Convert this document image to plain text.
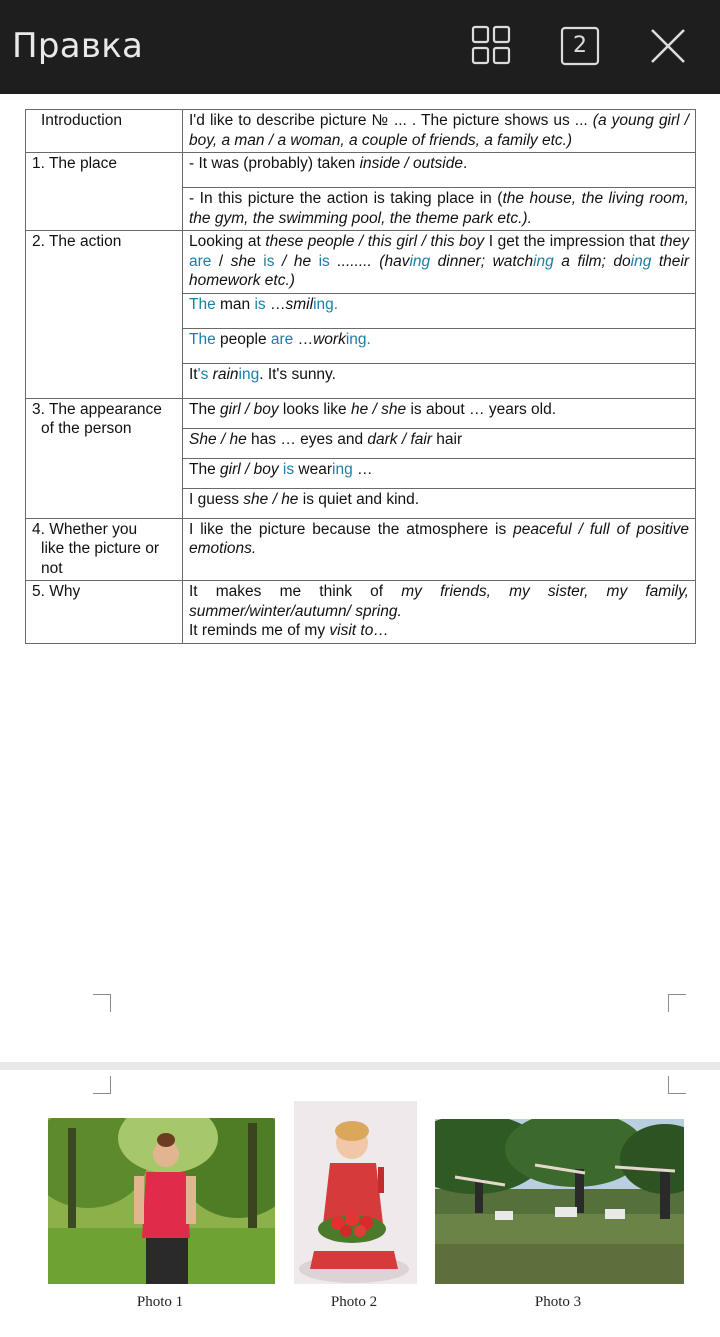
Правка	2
Introduction	I'd like to describe picture № ... . The picture shows us ... (a young girl / boy, a man / a woman, a couple of friends, a family etc.)
1. The place	- It was (probably) taken inside / outside.
	- In this picture the action is taking place in (the house, the living room, the gym, the swimming pool, the theme park etc.).
2. The action	Looking at these people / this girl / this boy I get the impression that they are / she is / he is ........ (having dinner; watching a film; doing their homework etc.)
	The man is …smiling.
	The people are …working.
	It's raining. It's sunny.
3. The appearance
of the person	The girl / boy looks like he / she is about … years old.
	She / he has … eyes and dark / fair hair
	The girl / boy is wearing …
	I guess she / he is quiet and kind.
4. Whether you
like the picture or
not	I like the picture because the atmosphere is peaceful / full of positive emotions.
5. Why	It makes me think of my friends, my sister, my family, summer/winter/autumn/ spring.
It reminds me of my visit to…
Photo 1	Photo 2	Photo 3
